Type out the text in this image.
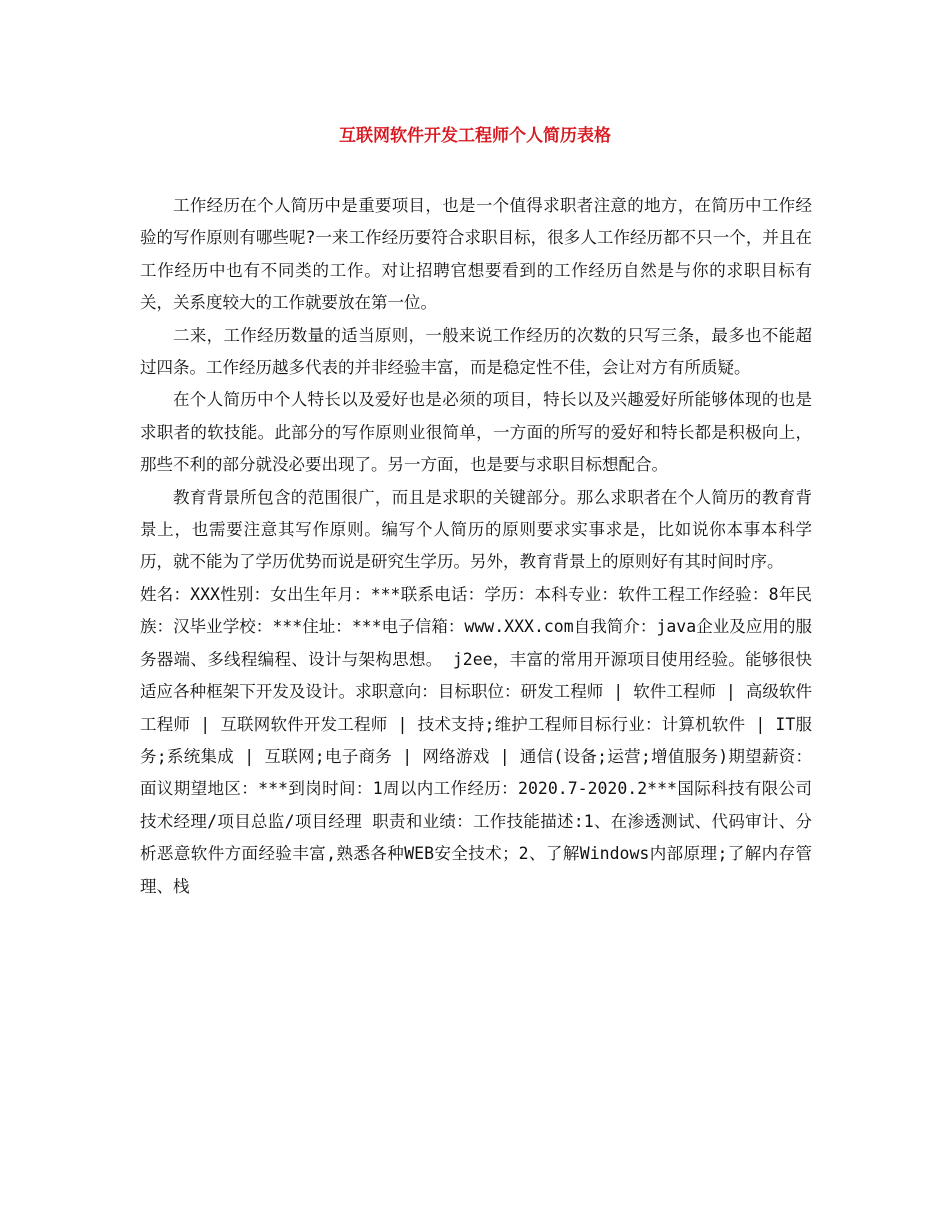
互联网软件开发工程师个人简历表格

工作经历在个人简历中是重要项目，也是一个值得求职者注意的地方，在简历中工作经验的写作原则有哪些呢?一来工作经历要符合求职目标，很多人工作经历都不只一个，并且在工作经历中也有不同类的工作。对让招聘官想要看到的工作经历自然是与你的求职目标有关，关系度较大的工作就要放在第一位。

二来，工作经历数量的适当原则，一般来说工作经历的次数的只写三条，最多也不能超过四条。工作经历越多代表的并非经验丰富，而是稳定性不佳，会让对方有所质疑。

在个人简历中个人特长以及爱好也是必须的项目，特长以及兴趣爱好所能够体现的也是求职者的软技能。此部分的写作原则业很简单，一方面的所写的爱好和特长都是积极向上，那些不利的部分就没必要出现了。另一方面，也是要与求职目标想配合。

教育背景所包含的范围很广，而且是求职的关键部分。那么求职者在个人简历的教育背景上，也需要注意其写作原则。编写个人简历的原则要求实事求是，比如说你本事本科学历，就不能为了学历优势而说是研究生学历。另外，教育背景上的原则好有其时间时序。

姓名：XXX性别：女出生年月：***联系电话：学历：本科专业：软件工程工作经验：8年民族：汉毕业学校：***住址：***电子信箱：www.XXX.com自我简介：java企业及应用的服务器端、多线程编程、设计与架构思想。 j2ee，丰富的常用开源项目使用经验。能够很快适应各种框架下开发及设计。求职意向：目标职位：研发工程师 | 软件工程师 | 高级软件工程师 | 互联网软件开发工程师 | 技术支持;维护工程师目标行业：计算机软件 | IT服务;系统集成 | 互联网;电子商务 | 网络游戏 | 通信(设备;运营;增值服务)期望薪资：面议期望地区：***到岗时间：1周以内工作经历：2020.7-2020.2***国际科技有限公司技术经理/项目总监/项目经理 职责和业绩：工作技能描述:1、在渗透测试、代码审计、分析恶意软件方面经验丰富,熟悉各种WEB安全技术；2、了解Windows内部原理;了解内存管理、栈
